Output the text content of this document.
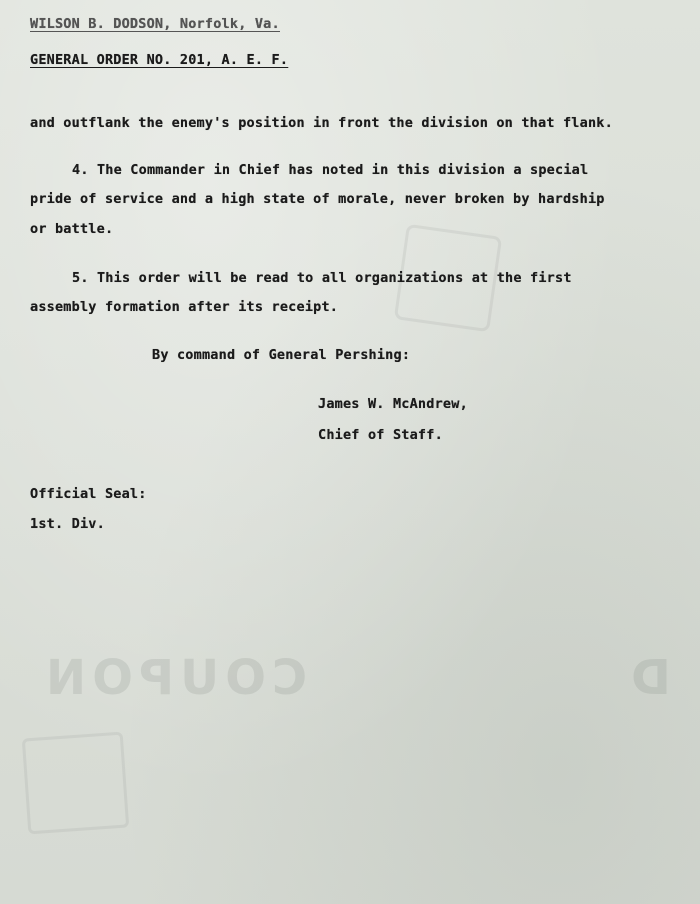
COUPON	D
WILSON B. DODSON, Norfolk, Va.
GENERAL ORDER NO. 201, A. E. F.
and outflank the enemy's position in front the division on that flank.
4. The Commander in Chief has noted in this division a special
pride of service and a high state of morale, never broken by hardship
or battle.
5. This order will be read to all organizations at the first
assembly formation after its receipt.
By command of General Pershing:
James W. McAndrew,
Chief of Staff.
Official Seal:
1st. Div.
